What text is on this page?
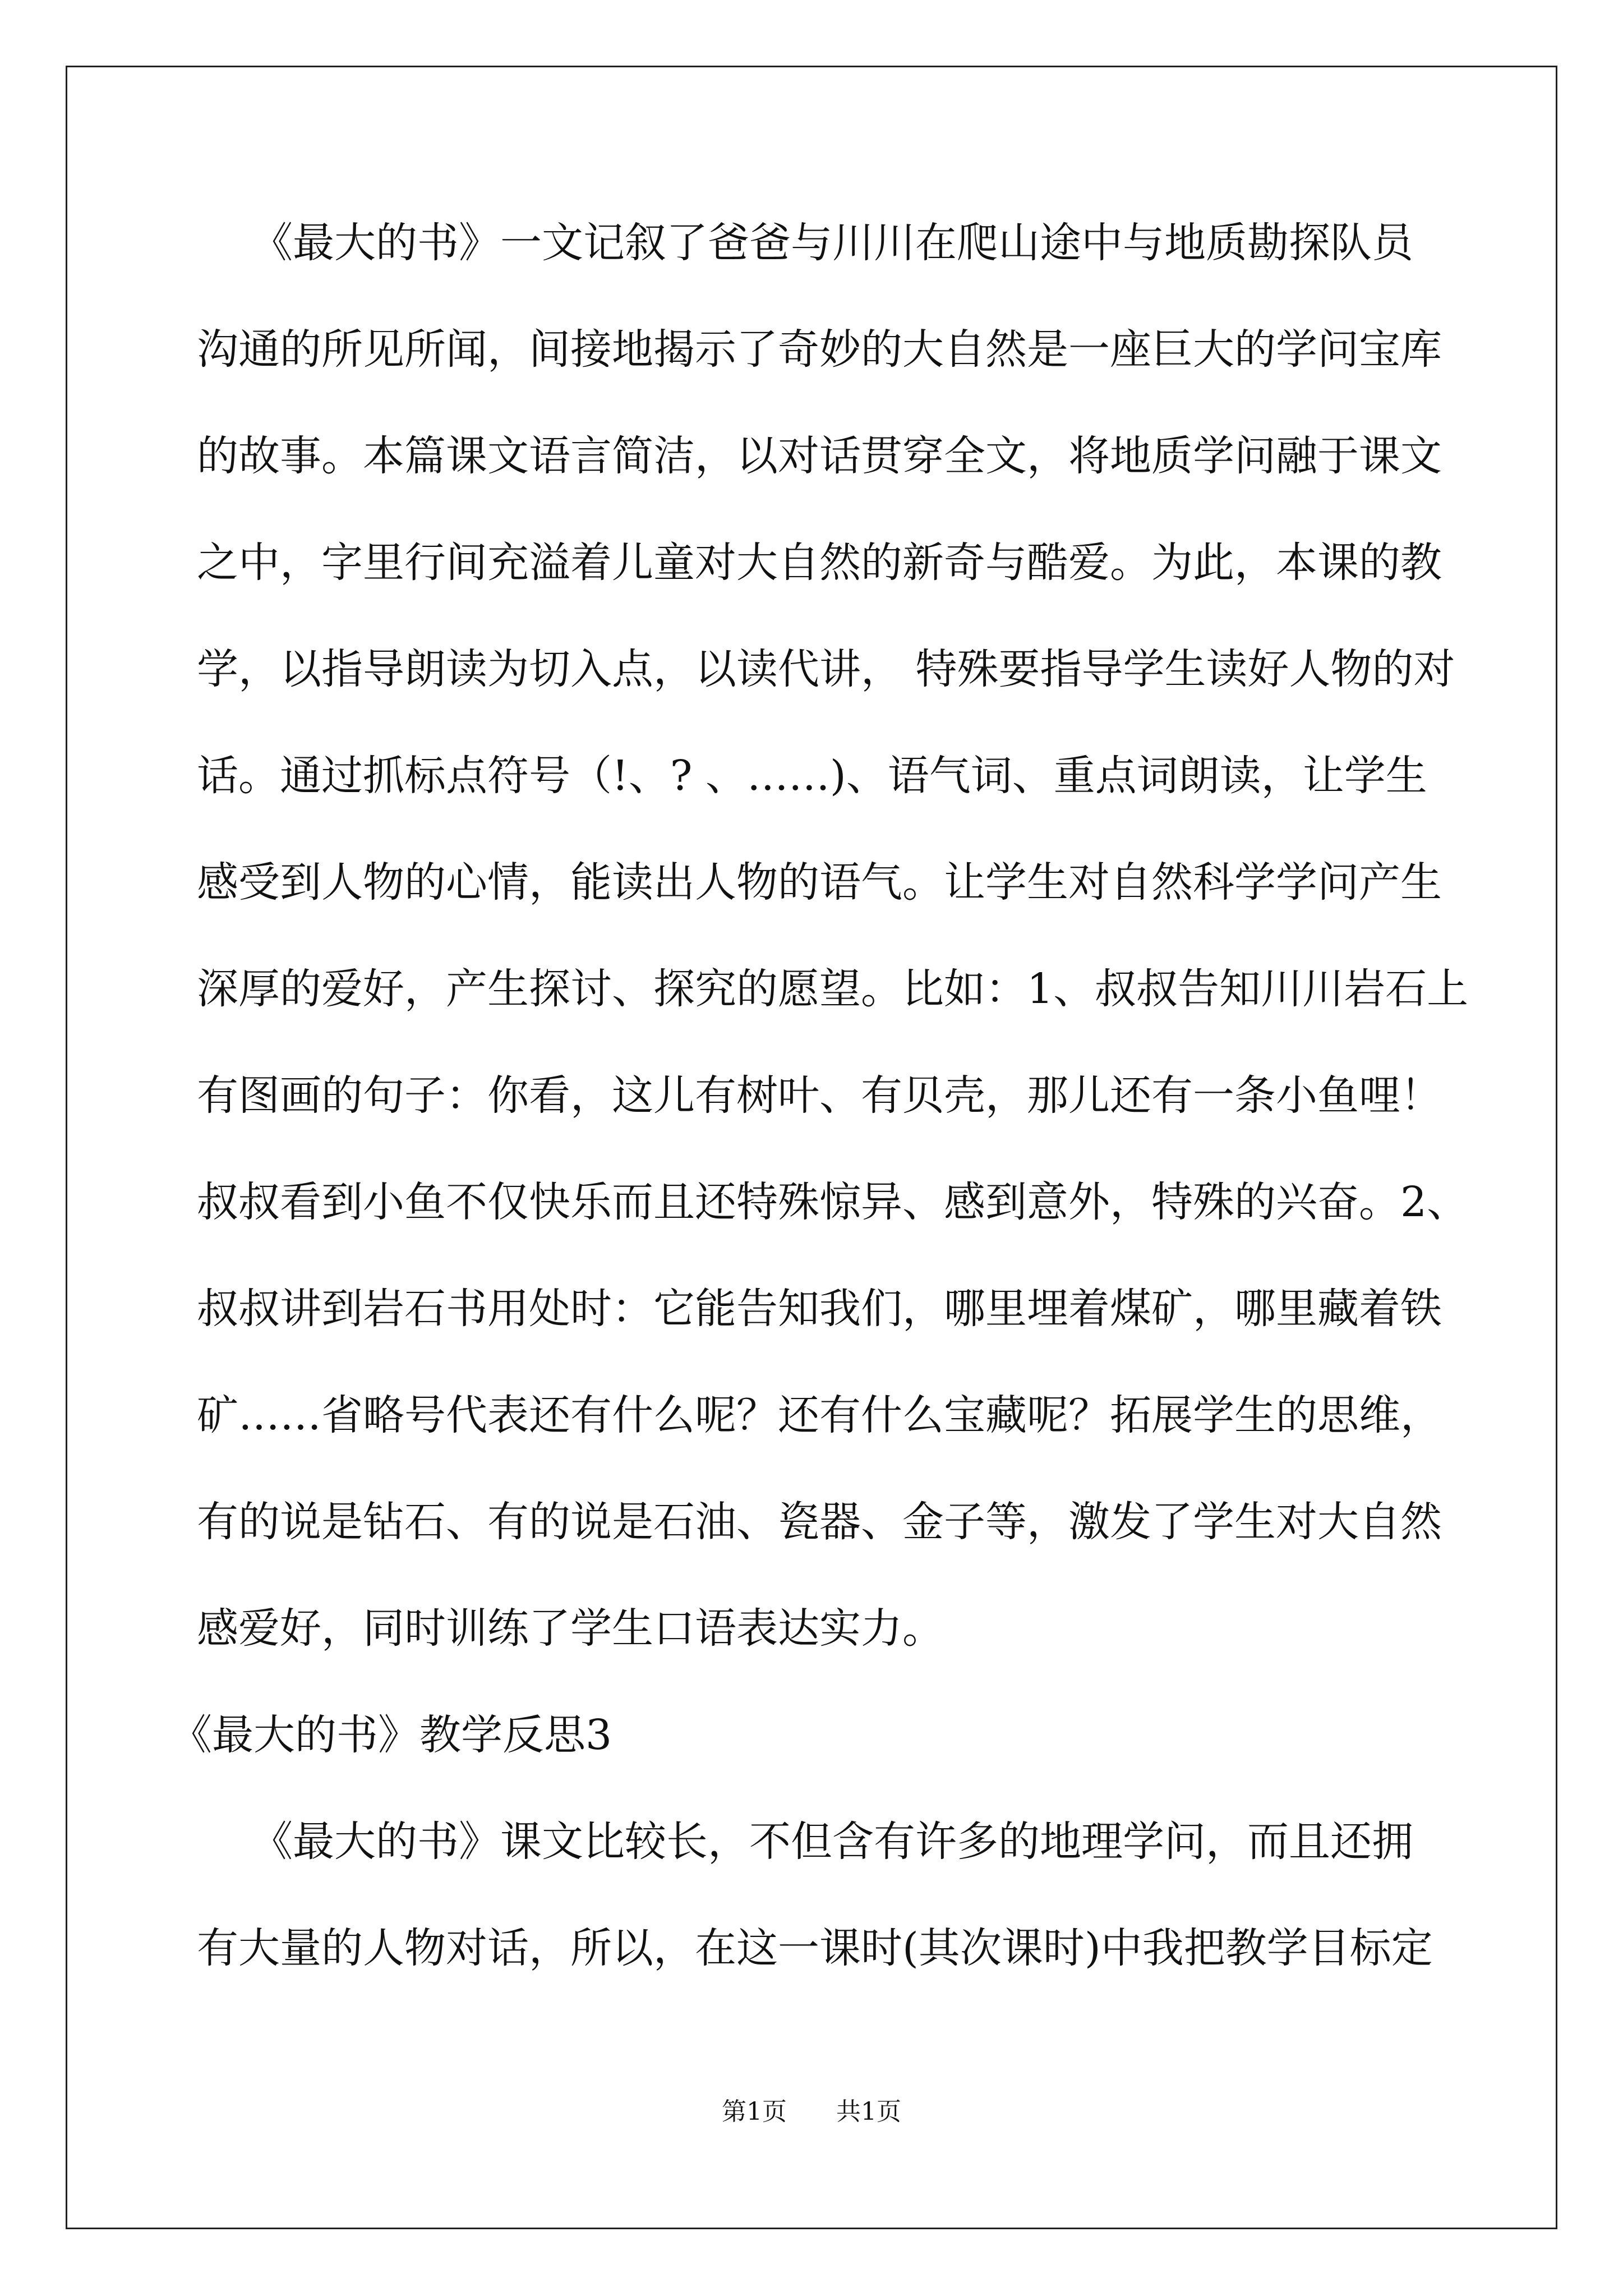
《最大的书》一文记叙了爸爸与川川在爬山途中与地质勘探队员
沟通的所见所闻，间接地揭示了奇妙的大自然是一座巨大的学问宝库
的故事。本篇课文语言简洁，以对话贯穿全文，将地质学问融于课文
之中，字里行间充溢着儿童对大自然的新奇与酷爱。为此，本课的教
学，以指导朗读为切入点，以读代讲， 特殊要指导学生读好人物的对
话。通过抓标点符号（!、? 、……)、语气词、重点词朗读，让学生
感受到人物的心情，能读出人物的语气。让学生对自然科学学问产生
深厚的爱好，产生探讨、探究的愿望。比如：1、叔叔告知川川岩石上
有图画的句子：你看，这儿有树叶、有贝壳，那儿还有一条小鱼哩！
叔叔看到小鱼不仅快乐而且还特殊惊异、感到意外，特殊的兴奋。2、
叔叔讲到岩石书用处时：它能告知我们，哪里埋着煤矿，哪里藏着铁
矿……省略号代表还有什么呢？还有什么宝藏呢？拓展学生的思维，
有的说是钻石、有的说是石油、瓷器、金子等，激发了学生对大自然
感爱好，同时训练了学生口语表达实力。
《最大的书》教学反思3
《最大的书》课文比较长，不但含有许多的地理学问，而且还拥
有大量的人物对话，所以，在这一课时(其次课时)中我把教学目标定
第1页 共1页
